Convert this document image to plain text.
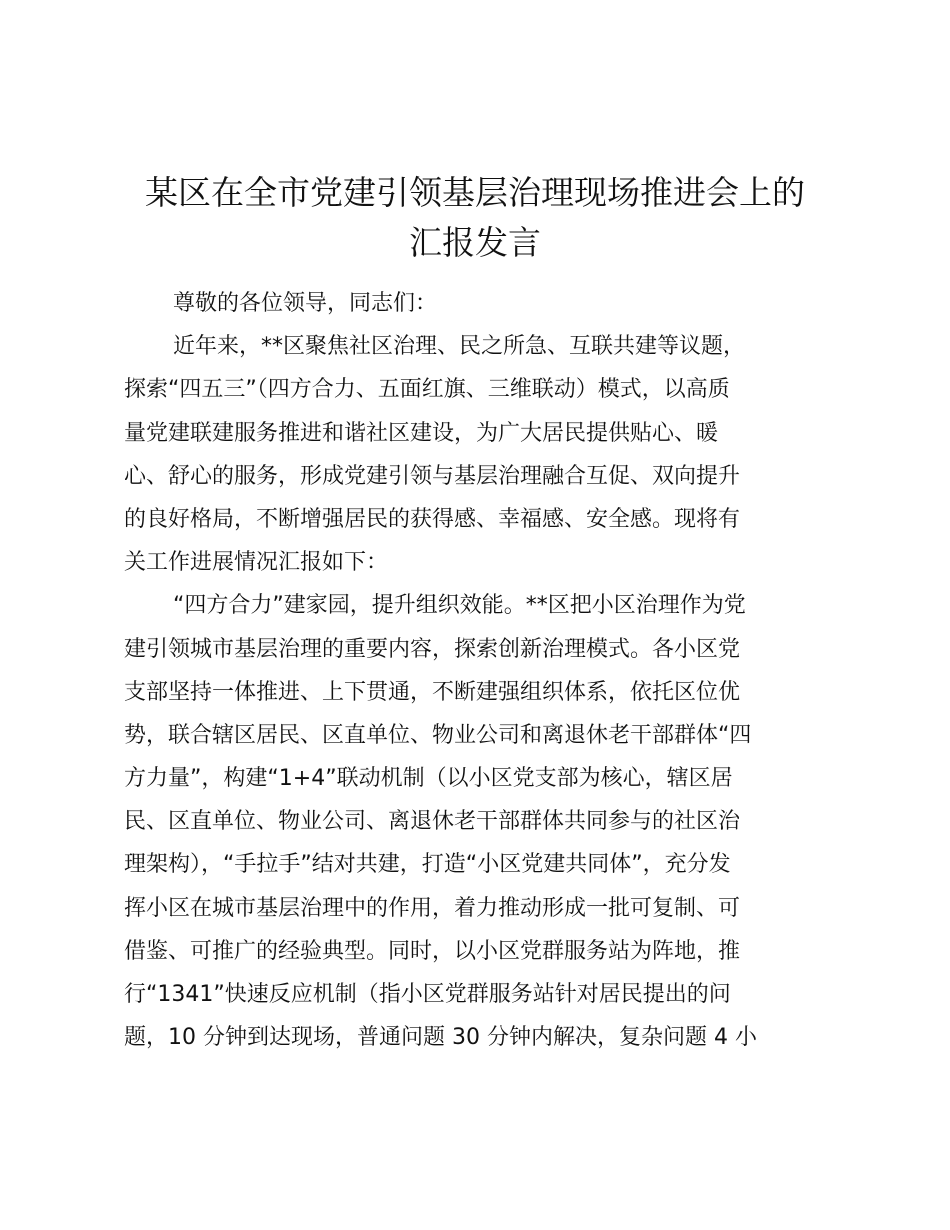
某区在全市党建引领基层治理现场推进会上的
汇报发言
尊敬的各位领导，同志们：
近年来，**区聚焦社区治理、民之所急、互联共建等议题，
探索“四五三”（四方合力、五面红旗、三维联动）模式，以高质
量党建联建服务推进和谐社区建设，为广大居民提供贴心、暖
心、舒心的服务，形成党建引领与基层治理融合互促、双向提升
的良好格局，不断增强居民的获得感、幸福感、安全感。现将有
关工作进展情况汇报如下：
“四方合力”建家园，提升组织效能。**区把小区治理作为党
建引领城市基层治理的重要内容，探索创新治理模式。各小区党
支部坚持一体推进、上下贯通，不断建强组织体系，依托区位优
势，联合辖区居民、区直单位、物业公司和离退休老干部群体“四
方力量”，构建“1+4”联动机制（以小区党支部为核心，辖区居
民、区直单位、物业公司、离退休老干部群体共同参与的社区治
理架构），“手拉手”结对共建，打造“小区党建共同体”，充分发
挥小区在城市基层治理中的作用，着力推动形成一批可复制、可
借鉴、可推广的经验典型。同时，以小区党群服务站为阵地，推
行“1341”快速反应机制（指小区党群服务站针对居民提出的问
题，10 分钟到达现场，普通问题 30 分钟内解决，复杂问题 4 小
